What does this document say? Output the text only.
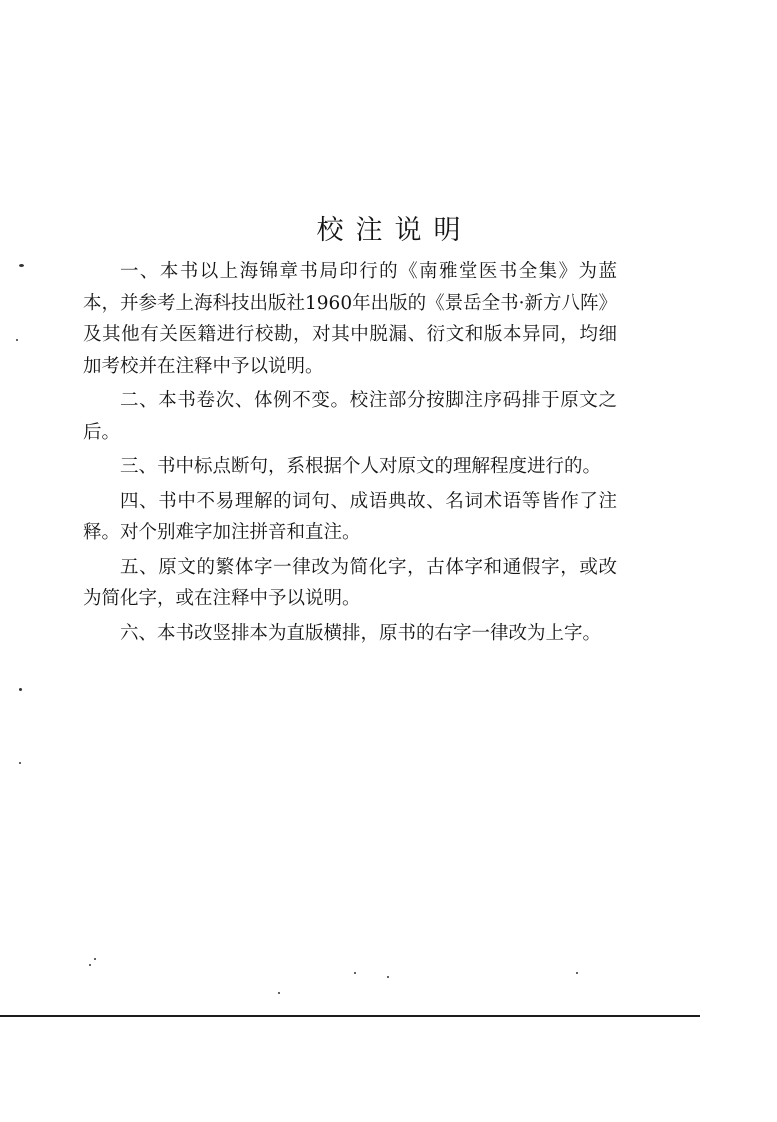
校注说明

一、本书以上海锦章书局印行的《南雅堂医书全集》为蓝本，并参考上海科技出版社1960年出版的《景岳全书·新方八阵》及其他有关医籍进行校勘，对其中脱漏、衍文和版本异同，均细加考校并在注释中予以说明。

二、本书卷次、体例不变。校注部分按脚注序码排于原文之后。

三、书中标点断句，系根据个人对原文的理解程度进行的。

四、书中不易理解的词句、成语典故、名词术语等皆作了注释。对个别难字加注拼音和直注。

五、原文的繁体字一律改为简化字，古体字和通假字，或改为简化字，或在注释中予以说明。

六、本书改竖排本为直版横排，原书的右字一律改为上字。
